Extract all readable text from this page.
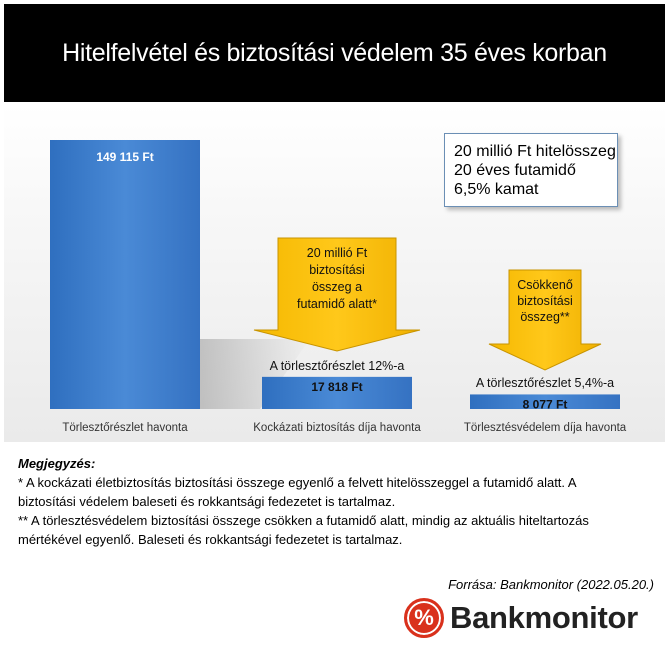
Hitelfelvétel és biztosítási védelem 35 éves korban
20 millió Ft
biztosítási
összeg a
futamidő alatt*
Csökkenő
biztosítási
összeg**
149 115 Ft
Törlesztőrészlet havonta
17 818 Ft
Kockázati biztosítás díja havonta
8 077 Ft
Törlesztésvédelem díja havonta
A törlesztőrészlet 12%-a
A törlesztőrészlet 5,4%-a
20 millió Ft hitelösszeg
20 éves futamidő
6,5% kamat
Megjegyzés:
* A kockázati életbiztosítás biztosítási összege egyenlő a felvett hitelösszeggel a futamidő alatt. A
biztosítási védelem baleseti és rokkantsági fedezetet is tartalmaz.
** A törlesztésvédelem biztosítási összege csökken a futamidő alatt, mindig az aktuális hiteltartozás
mértékével egyenlő. Baleseti és rokkantsági fedezetet is tartalmaz.
Forrása: Bankmonitor (2022.05.20.)
% Bankmonitor
